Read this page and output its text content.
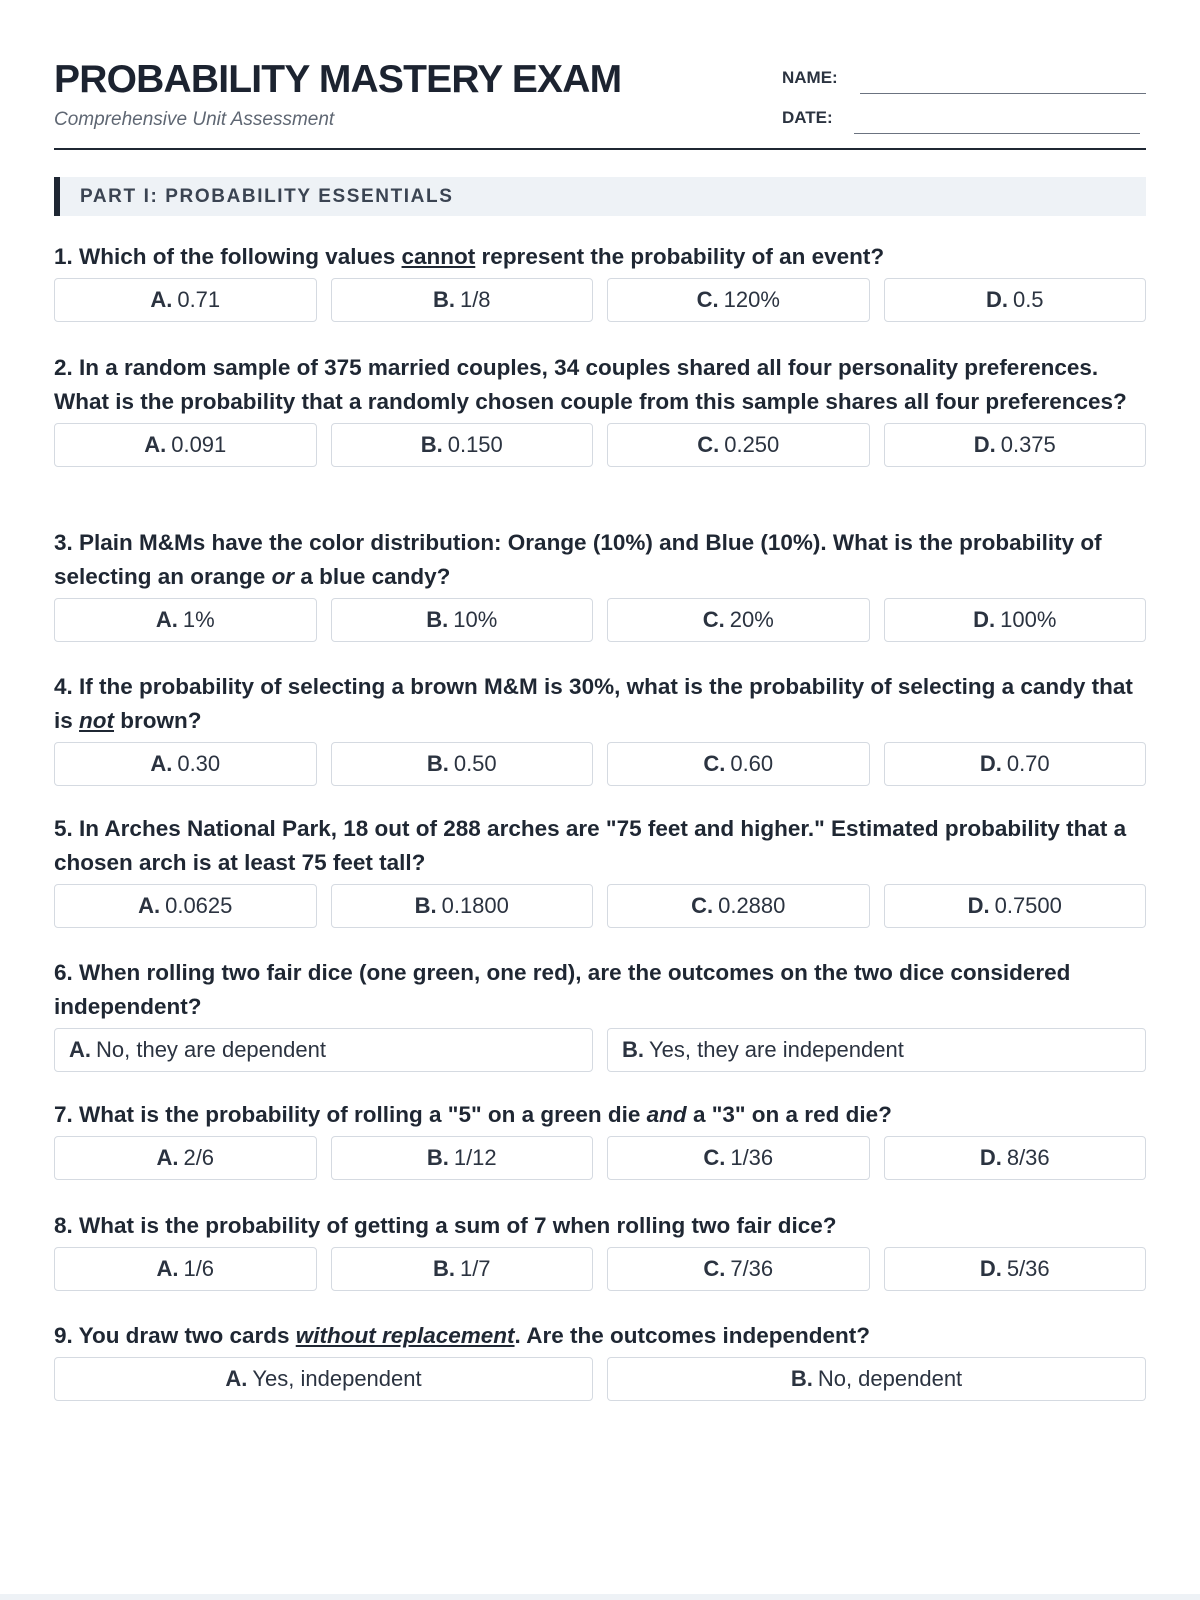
PROBABILITY MASTERY EXAM
Comprehensive Unit Assessment
NAME:
DATE:
PART I: PROBABILITY ESSENTIALS
1. Which of the following values cannot represent the probability of an event?
A. 0.71	B. 1/8	C. 120%	D. 0.5
2. In a random sample of 375 married couples, 34 couples shared all four personality preferences. What is the probability that a randomly chosen couple from this sample shares all four preferences?
A. 0.091	B. 0.150	C. 0.250	D. 0.375
3. Plain M&Ms have the color distribution: Orange (10%) and Blue (10%). What is the probability of selecting an orange or a blue candy?
A. 1%	B. 10%	C. 20%	D. 100%
4. If the probability of selecting a brown M&M is 30%, what is the probability of selecting a candy that is not brown?
A. 0.30	B. 0.50	C. 0.60	D. 0.70
5. In Arches National Park, 18 out of 288 arches are "75 feet and higher." Estimated probability that a chosen arch is at least 75 feet tall?
A. 0.0625	B. 0.1800	C. 0.2880	D. 0.7500
6. When rolling two fair dice (one green, one red), are the outcomes on the two dice considered independent?
A. No, they are dependent	B. Yes, they are independent
7. What is the probability of rolling a "5" on a green die and a "3" on a red die?
A. 2/6	B. 1/12	C. 1/36	D. 8/36
8. What is the probability of getting a sum of 7 when rolling two fair dice?
A. 1/6	B. 1/7	C. 7/36	D. 5/36
9. You draw two cards without replacement. Are the outcomes independent?
A. Yes, independent	B. No, dependent
